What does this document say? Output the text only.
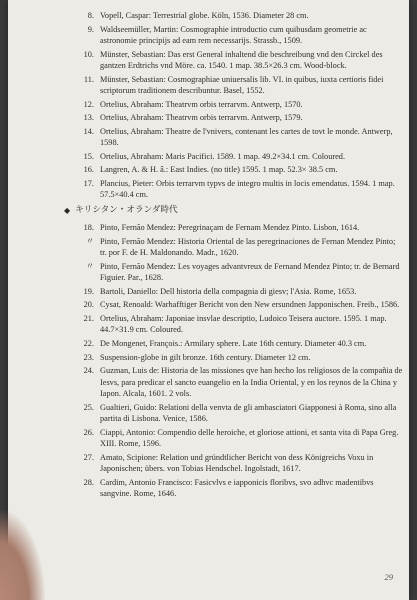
8. Vopell, Caspar: Terrestrial globe. Köln, 1536. Diameter 28 cm.
9. Waldseemüller, Martin: Cosmographie introductio cum quibusdam geometrie ac astronomie principijs ad eam rem necessarijs. Strassb., 1509.
10. Münster, Sebastian: Das erst General inhaltend die beschreibung vnd den Circkel des gantzen Erdtrichs vnd Möre. ca. 1540. 1 map. 38.5×26.3 cm. Wood-block.
11. Münster, Sebastian: Cosmographiae uniuersalis lib. VI. in quibus, iuxta certioris fidei scriptorum traditionem describuntur. Basel, 1552.
12. Ortelius, Abraham: Theatrvm orbis terrarvm. Antwerp, 1570.
13. Ortelius, Abraham: Theatrvm orbis terrarvm. Antwerp, 1579.
14. Ortelius, Abraham: Theatre de l'vnivers, contenant les cartes de tovt le monde. Antwerp, 1598.
15. Ortelius, Abraham: Maris Pacifici. 1589. 1 map. 49.2×34.1 cm. Coloured.
16. Langren, A. & H. â.: East Indies. (no title) 1595. 1 map. 52.3× 38.5 cm.
17. Plancius, Pieter: Orbis terrarvm typvs de integro multis in locis emendatus. 1594. 1 map. 57.5×40.4 cm.
◆ キリシタン・オランダ時代
18. Pinto, Fernão Mendez: Peregrinaçam de Fernam Mendez Pinto. Lisbon, 1614.
〃 Pinto, Fernão Mendez: Historia Oriental de las peregrinaciones de Fernan Mendez Pinto; tr. por F. de H. Maldonando. Madr., 1620.
〃 Pinto, Fernão Mendez: Les voyages advantvreux de Fernand Mendez Pinto; tr. de Bernard Figuier. Par., 1628.
19. Bartoli, Daniello: Dell historia della compagnia di giesv; l'Asia. Rome, 1653.
20. Cysat, Renoald: Warhafftiger Bericht von den New ersundnen Japponischen. Freib., 1586.
21. Ortelius, Abraham: Japoniae insvlae descriptio, Ludoico Teisera auctore. 1595. 1 map. 44.7×31.9 cm. Coloured.
22. De Mongenet, François.: Armilary sphere. Late 16th century. Diameter 40.3 cm.
23. Suspension-globe in gilt bronze. 16th century. Diameter 12 cm.
24. Guzman, Luis de: Historia de las missiones qve han hecho los religiosos de la compañia de Iesvs, para predicar el sancto euangelio en la India Oriental, y en los reynos de la China y Iapon. Alcala, 1601. 2 vols.
25. Gualtieri, Guido: Relationi della venvta de gli ambasciatori Giapponesi à Roma, sino alla partita di Lisbona. Venice, 1586.
26. Ciappi, Antonio: Compendio delle heroiche, et gloriose attioni, et santa vita di Papa Greg. XIII. Rome, 1596.
27. Amato, Scipione: Relation und gründtlicher Bericht von dess Königreichs Voxu in Japonischen; übers. von Tobias Hendschel. Ingolstadt, 1617.
28. Cardim, Antonio Francisco: Fasicvlvs e iapponicis floribvs, svo adhvc madentibvs sangvine. Rome, 1646.
29
